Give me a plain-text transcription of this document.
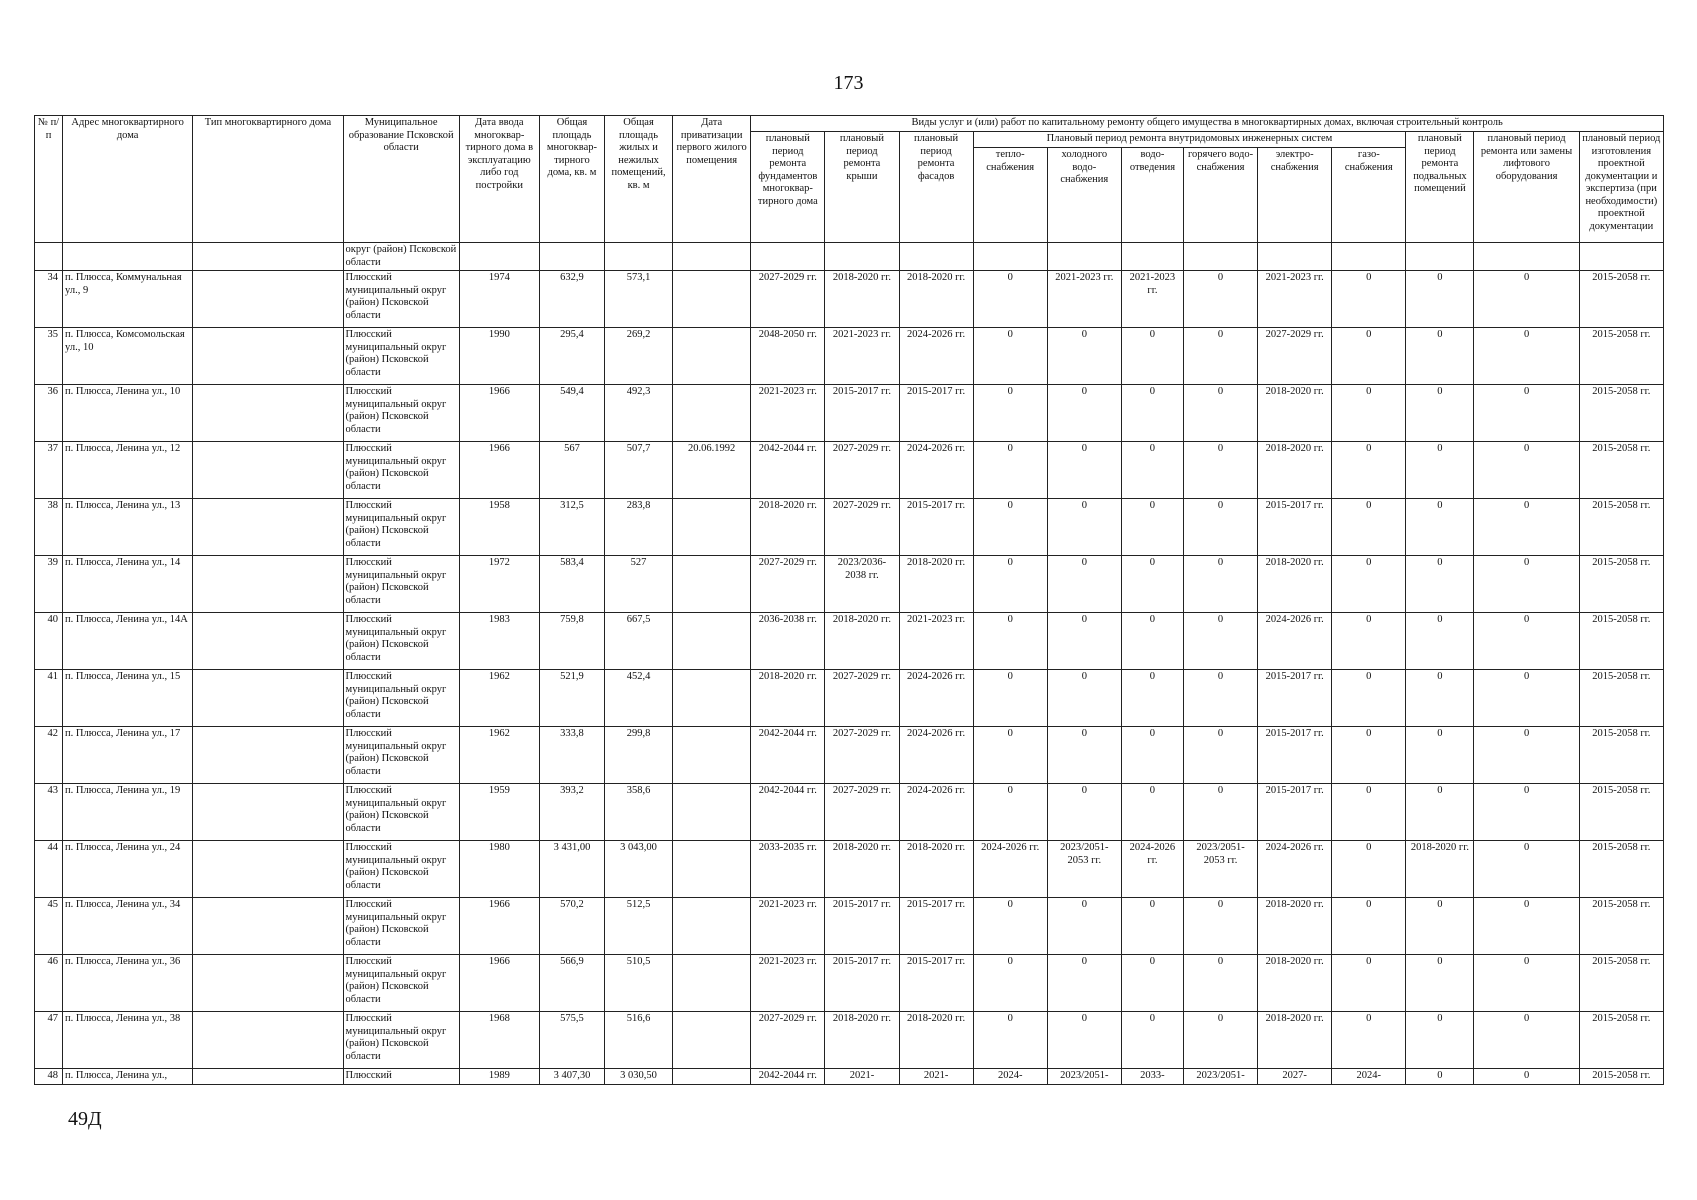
173
№ п/п	Адрес многоквартирного дома	Тип многоквартирного дома	Муниципальное образование Псковской области	Дата ввода многоквар-тирного дома в эксплуатацию либо год постройки	Общая площадь многоквар-тирного дома, кв. м	Общая площадь жилых и нежилых помещений, кв. м	Дата приватизации первого жилого помещения	Виды услуг и (или) работ по капитальному ремонту общего имущества в многоквартирных домах, включая строительный контроль											
								плановый период ремонта фундаментов многоквар-тирного дома	плановый период ремонта крыши	плановый период ремонта фасадов	Плановый период ремонта внутридомовых инженерных систем						плановый период ремонта подвальных помещений	плановый период ремонта или замены лифтового оборудования	плановый период изготовления проектной документации и экспертиза (при необходимости) проектной документации
											тепло-снабжения	холодного водо-снабжения	водо-отведения	горячего водо-снабжения	электро-снабжения	газо-снабжения			
			округ (район) Псковской области																
34	п. Плюсса, Коммунальная ул., 9		Плюсский муниципальный округ (район) Псковской области	1974	632,9	573,1		2027-2029 гг.	2018-2020 гг.	2018-2020 гг.	0	2021-2023 гг.	2021-2023 гг.	0	2021-2023 гг.	0	0	0	2015-2058 гг.
35	п. Плюсса, Комсомольская ул., 10		Плюсский муниципальный округ (район) Псковской области	1990	295,4	269,2		2048-2050 гг.	2021-2023 гг.	2024-2026 гг.	0	0	0	0	2027-2029 гг.	0	0	0	2015-2058 гг.
36	п. Плюсса, Ленина ул., 10		Плюсский муниципальный округ (район) Псковской области	1966	549,4	492,3		2021-2023 гг.	2015-2017 гг.	2015-2017 гг.	0	0	0	0	2018-2020 гг.	0	0	0	2015-2058 гг.
37	п. Плюсса, Ленина ул., 12		Плюсский муниципальный округ (район) Псковской области	1966	567	507,7	20.06.1992	2042-2044 гг.	2027-2029 гг.	2024-2026 гг.	0	0	0	0	2018-2020 гг.	0	0	0	2015-2058 гг.
38	п. Плюсса, Ленина ул., 13		Плюсский муниципальный округ (район) Псковской области	1958	312,5	283,8		2018-2020 гг.	2027-2029 гг.	2015-2017 гг.	0	0	0	0	2015-2017 гг.	0	0	0	2015-2058 гг.
39	п. Плюсса, Ленина ул., 14		Плюсский муниципальный округ (район) Псковской области	1972	583,4	527		2027-2029 гг.	2023/2036-2038 гг.	2018-2020 гг.	0	0	0	0	2018-2020 гг.	0	0	0	2015-2058 гг.
40	п. Плюсса, Ленина ул., 14А		Плюсский муниципальный округ (район) Псковской области	1983	759,8	667,5		2036-2038 гг.	2018-2020 гг.	2021-2023 гг.	0	0	0	0	2024-2026 гг.	0	0	0	2015-2058 гг.
41	п. Плюсса, Ленина ул., 15		Плюсский муниципальный округ (район) Псковской области	1962	521,9	452,4		2018-2020 гг.	2027-2029 гг.	2024-2026 гг.	0	0	0	0	2015-2017 гг.	0	0	0	2015-2058 гг.
42	п. Плюсса, Ленина ул., 17		Плюсский муниципальный округ (район) Псковской области	1962	333,8	299,8		2042-2044 гг.	2027-2029 гг.	2024-2026 гг.	0	0	0	0	2015-2017 гг.	0	0	0	2015-2058 гг.
43	п. Плюсса, Ленина ул., 19		Плюсский муниципальный округ (район) Псковской области	1959	393,2	358,6		2042-2044 гг.	2027-2029 гг.	2024-2026 гг.	0	0	0	0	2015-2017 гг.	0	0	0	2015-2058 гг.
44	п. Плюсса, Ленина ул., 24		Плюсский муниципальный округ (район) Псковской области	1980	3 431,00	3 043,00		2033-2035 гг.	2018-2020 гг.	2018-2020 гг.	2024-2026 гг.	2023/2051-2053 гг.	2024-2026 гг.	2023/2051-2053 гг.	2024-2026 гг.	0	2018-2020 гг.	0	2015-2058 гг.
45	п. Плюсса, Ленина ул., 34		Плюсский муниципальный округ (район) Псковской области	1966	570,2	512,5		2021-2023 гг.	2015-2017 гг.	2015-2017 гг.	0	0	0	0	2018-2020 гг.	0	0	0	2015-2058 гг.
46	п. Плюсса, Ленина ул., 36		Плюсский муниципальный округ (район) Псковской области	1966	566,9	510,5		2021-2023 гг.	2015-2017 гг.	2015-2017 гг.	0	0	0	0	2018-2020 гг.	0	0	0	2015-2058 гг.
47	п. Плюсса, Ленина ул., 38		Плюсский муниципальный округ (район) Псковской области	1968	575,5	516,6		2027-2029 гг.	2018-2020 гг.	2018-2020 гг.	0	0	0	0	2018-2020 гг.	0	0	0	2015-2058 гг.
48	п. Плюсса, Ленина ул.,		Плюсский	1989	3 407,30	3 030,50		2042-2044 гг.	2021-	2021-	2024-	2023/2051-	2033-	2023/2051-	2027-	2024-	0	0	2015-2058 гг.
49Д
